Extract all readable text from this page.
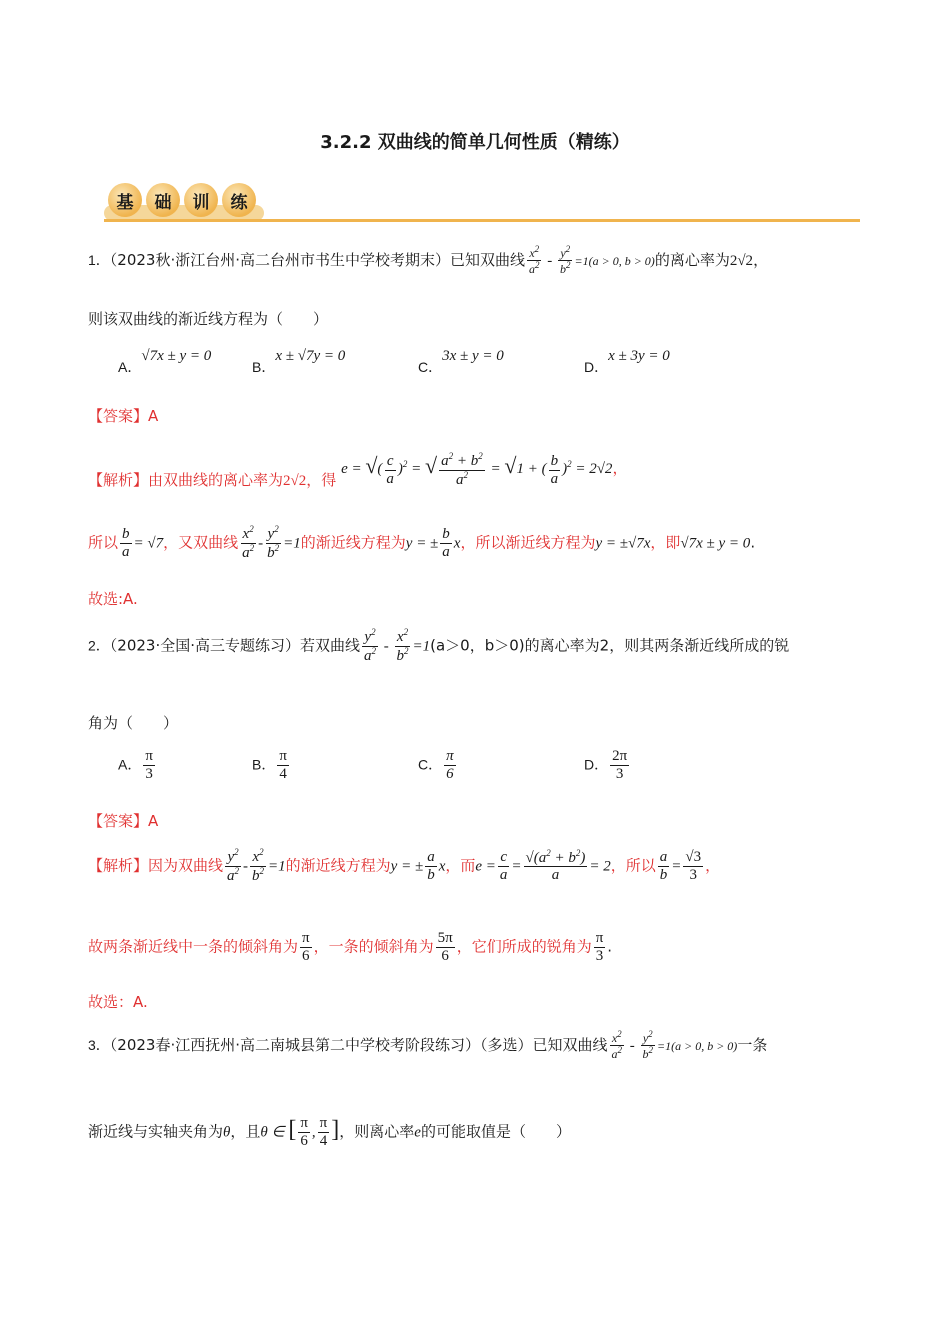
3.2.2 双曲线的简单几何性质（精练）
基	础	训	练
1．（2023秋·浙江台州·高二台州市书生中学校考期末）已知双曲线 $\frac{x^2}{a^2} - \frac{y^2}{b^2} =1(a > 0$, b > 0)的离心率为2√2，
则该双曲线的渐近线方程为（　　）
A．√7x ± y = 0
B．x ± √7y = 0
C．3x ± y = 0
D．x ± 3y = 0
【答案】A
【解析】由双曲线的离心率为2√2，得 e = √( $\frac{c}{a} )^2$ = √ $\frac{a^2 + b^2}{a^2} = √1$ + ( $\frac{b}{a} )^2 = 2√2$，
所以 $\frac{b}{a} = √7$，又双曲线 $\frac{x^2}{a^2} - \frac{y^2}{b^2} =1$的渐近线方程为y = ± $\frac{b}{a}$ x，所以渐近线方程为y = ±√7x，即√7x ± y = 0.
故选:A.
2．（2023·全国·高三专题练习）若双曲线 $\frac{y^2}{a^2} - \frac{x^2}{b^2} =1(a>0$，b＞0)的离心率为2，则其两条渐近线所成的锐
角为（　　）
A． $\frac{\pi}{3}$	B． $\frac{\pi}{4}$	C． $\frac{\pi}{6}$	D． $\frac{2\pi}{3}$
【答案】A
【解析】因为双曲线 $\frac{y^2}{a^2} - \frac{x^2}{b^2} =1$的渐近线方程为y = ± $\frac{a}{b}$ x，而$e = \frac{c}{a} = \frac{√(a^2 + b^2)}{a} = 2$，所以 $\frac{a}{b} = \frac{√3}{3}$ ，
故两条渐近线中一条的倾斜角为 $\frac{\pi}{6}$ ，一条的倾斜角为 $\frac{5\pi}{6}$ ，它们所成的锐角为 $\frac{\pi}{3}$ .
故选：A.
3．（2023春·江西抚州·高二南城县第二中学校考阶段练习）（多选）已知双曲线 $\frac{x^2}{a^2} - \frac{y^2}{b^2} =1(a > 0$, b > 0)一条
渐近线与实轴夹角为θ，且θ ∈ [ $\frac{\pi}{6}$ , $\frac{\pi}{4}$ ]，则离心率e的可能取值是（　　）
